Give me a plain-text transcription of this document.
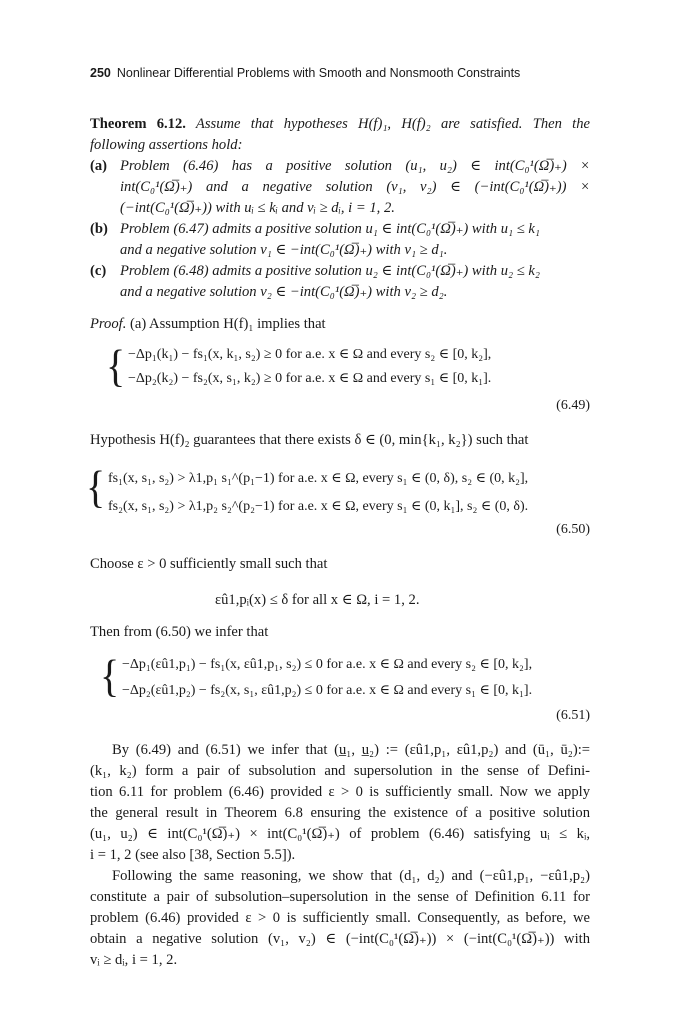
250 Nonlinear Differential Problems with Smooth and Nonsmooth Constraints
Theorem 6.12. Assume that hypotheses H(f)₁, H(f)₂ are satisfied. Then the
following assertions hold:
(a) Problem (6.46) has a positive solution (u₁, u₂) ∈ int(C₀¹(Ω̅)₊) ×
int(C₀¹(Ω̅)₊) and a negative solution (v₁, v₂) ∈ (−int(C₀¹(Ω̅)₊)) ×
(−int(C₀¹(Ω̅)₊)) with uᵢ ≤ kᵢ and vᵢ ≥ dᵢ, i = 1, 2.
(b) Problem (6.47) admits a positive solution u₁ ∈ int(C₀¹(Ω̅)₊) with u₁ ≤ k₁
and a negative solution v₁ ∈ −int(C₀¹(Ω̅)₊) with v₁ ≥ d₁.
(c) Problem (6.48) admits a positive solution u₂ ∈ int(C₀¹(Ω̅)₊) with u₂ ≤ k₂
and a negative solution v₂ ∈ −int(C₀¹(Ω̅)₊) with v₂ ≥ d₂.
Proof. (a) Assumption H(f)₁ implies that
{ −Δp₁(k₁) − fs₁(x, k₁, s₂) ≥ 0 for a.e. x ∈ Ω and every s₂ ∈ [0, k₂],
−Δp₂(k₂) − fs₂(x, s₁, k₂) ≥ 0 for a.e. x ∈ Ω and every s₁ ∈ [0, k₁].
(6.49)
Hypothesis H(f)₂ guarantees that there exists δ ∈ (0, min{k₁, k₂}) such that
{ fs₁(x, s₁, s₂) > λ1,p₁ s₁^(p₁−1) for a.e. x ∈ Ω, every s₁ ∈ (0, δ), s₂ ∈ (0, k₂],
fs₂(x, s₁, s₂) > λ1,p₂ s₂^(p₂−1) for a.e. x ∈ Ω, every s₁ ∈ (0, k₁], s₂ ∈ (0, δ).
(6.50)
Choose ε > 0 sufficiently small such that
εû1,pᵢ(x) ≤ δ for all x ∈ Ω, i = 1, 2.
Then from (6.50) we infer that
{ −Δp₁(εû1,p₁) − fs₁(x, εû1,p₁, s₂) ≤ 0 for a.e. x ∈ Ω and every s₂ ∈ [0, k₂],
−Δp₂(εû1,p₂) − fs₂(x, s₁, εû1,p₂) ≤ 0 for a.e. x ∈ Ω and every s₁ ∈ [0, k₁].
(6.51)
By (6.49) and (6.51) we infer that (u̲₁, u̲₂) := (εû1,p₁, εû1,p₂) and (ū₁, ū₂):=
(k₁, k₂) form a pair of subsolution and supersolution in the sense of Defini-
tion 6.11 for problem (6.46) provided ε > 0 is sufficiently small. Now we apply
the general result in Theorem 6.8 ensuring the existence of a positive solution
(u₁, u₂) ∈ int(C₀¹(Ω̅)₊) × int(C₀¹(Ω̅)₊) of problem (6.46) satisfying uᵢ ≤ kᵢ,
i = 1, 2 (see also [38, Section 5.5]).
Following the same reasoning, we show that (d₁, d₂) and (−εû1,p₁, −εû1,p₂)
constitute a pair of subsolution–supersolution in the sense of Definition 6.11 for
problem (6.46) provided ε > 0 is sufficiently small. Consequently, as before, we
obtain a negative solution (v₁, v₂) ∈ (−int(C₀¹(Ω̅)₊)) × (−int(C₀¹(Ω̅)₊)) with
vᵢ ≥ dᵢ, i = 1, 2.
